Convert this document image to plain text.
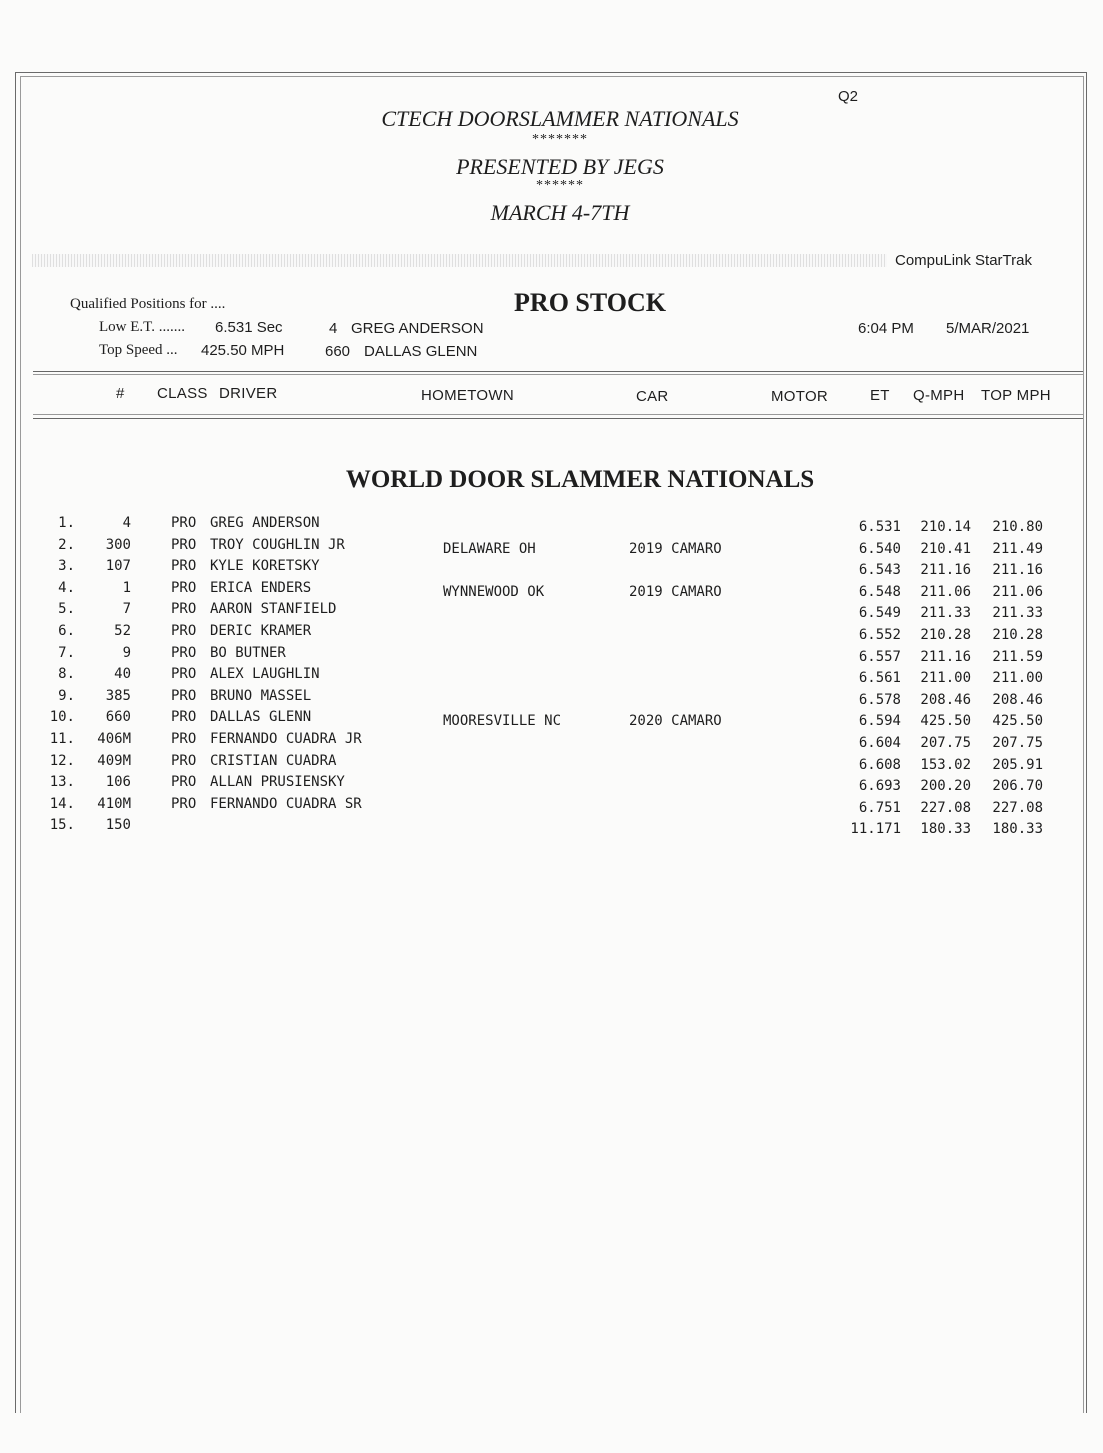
Q2
CTECH DOORSLAMMER NATIONALS
*******
PRESENTED BY JEGS
******
MARCH 4-7TH
CompuLink StarTrak
Qualified Positions for ....	PRO STOCK
Low E.T. ....... 6.531 Sec	4 GREG ANDERSON
Top Speed ... 425.50 MPH	660 DALLAS GLENN
6:04 PM 5/MAR/2021
# CLASS DRIVER	HOMETOWN	CAR	MOTOR	ET Q-MPH TOP MPH
WORLD DOOR SLAMMER NATIONALS
1.	4	PRO GREG ANDERSON	6.531	210.14	210.80
2.	300	PRO TROY COUGHLIN JR	DELAWARE OH	2019 CAMARO	6.540	210.41	211.49
3.	107	PRO KYLE KORETSKY	6.543	211.16	211.16
4.	1	PRO ERICA ENDERS	WYNNEWOOD OK	2019 CAMARO	6.548	211.06	211.06
5.	7	PRO AARON STANFIELD	6.549	211.33	211.33
6.	52	PRO DERIC KRAMER	6.552	210.28	210.28
7.	9	PRO BO BUTNER	6.557	211.16	211.59
8.	40	PRO ALEX LAUGHLIN	6.561	211.00	211.00
9.	385	PRO BRUNO MASSEL	6.578	208.46	208.46
10.	660	PRO DALLAS GLENN	MOORESVILLE NC	2020 CAMARO	6.594	425.50	425.50
11.	406M	PRO FERNANDO CUADRA JR	6.604	207.75	207.75
12.	409M	PRO CRISTIAN CUADRA	6.608	153.02	205.91
13.	106	PRO ALLAN PRUSIENSKY	6.693	200.20	206.70
14.	410M	PRO FERNANDO CUADRA SR	6.751	227.08	227.08
15.	150	11.171	180.33	180.33
